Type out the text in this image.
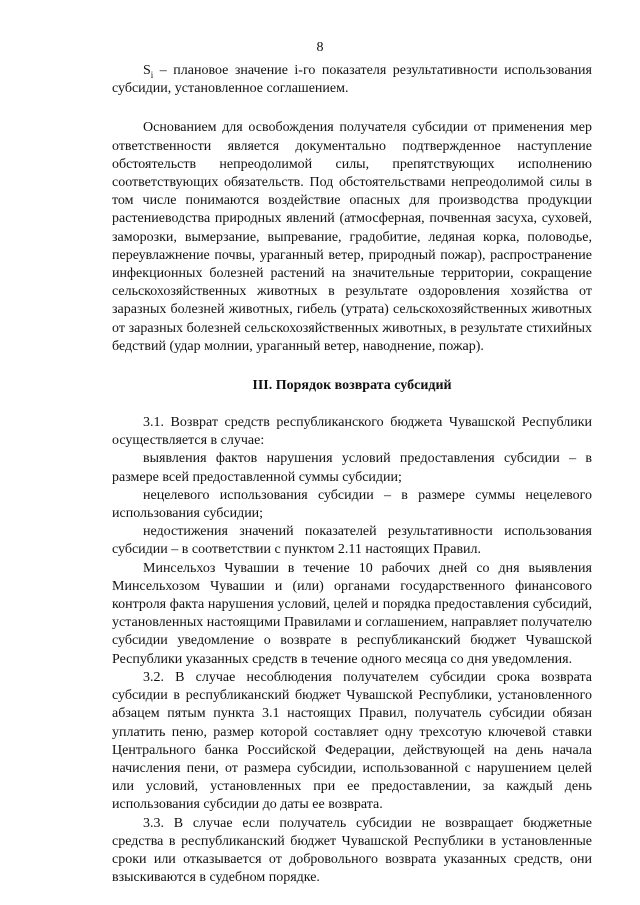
8

$S_i$ – плановое значение i-го показателя результативности использования субсидии, установленное соглашением.

Основанием для освобождения получателя субсидии от применения мер ответственности является документально подтвержденное наступление обстоятельств непреодолимой силы, препятствующих исполнению соответствующих обязательств. Под обстоятельствами непреодолимой силы в том числе понимаются воздействие опасных для производства продукции растениеводства природных явлений (атмосферная, почвенная засуха, суховей, заморозки, вымерзание, выпревание, градобитие, ледяная корка, половодье, переувлажнение почвы, ураганный ветер, природный пожар), распространение инфекционных болезней растений на значительные территории, сокращение сельскохозяйственных животных в результате оздоровления хозяйства от заразных болезней животных, гибель (утрата) сельскохозяйственных животных от заразных болезней сельскохозяйственных животных, в результате стихийных бедствий (удар молнии, ураганный ветер, наводнение, пожар).

III. Порядок возврата субсидий

3.1. Возврат средств республиканского бюджета Чувашской Республики осуществляется в случае:

выявления фактов нарушения условий предоставления субсидии – в размере всей предоставленной суммы субсидии;

нецелевого использования субсидии – в размере суммы нецелевого использования субсидии;

недостижения значений показателей результативности использования субсидии – в соответствии с пунктом 2.11 настоящих Правил.

Минсельхоз Чувашии в течение 10 рабочих дней со дня выявления Минсельхозом Чувашии и (или) органами государственного финансового контроля факта нарушения условий, целей и порядка предоставления субсидий, установленных настоящими Правилами и соглашением, направляет получателю субсидии уведомление о возврате в республиканский бюджет Чувашской Республики указанных средств в течение одного месяца со дня уведомления.

3.2. В случае несоблюдения получателем субсидии срока возврата субсидии в республиканский бюджет Чувашской Республики, установленного абзацем пятым пункта 3.1 настоящих Правил, получатель субсидии обязан уплатить пеню, размер которой составляет одну трехсотую ключевой ставки Центрального банка Российской Федерации, действующей на день начала начисления пени, от размера субсидии, использованной с нарушением целей или условий, установленных при ее предоставлении, за каждый день использования субсидии до даты ее возврата.

3.3. В случае если получатель субсидии не возвращает бюджетные средства в республиканский бюджет Чувашской Республики в установленные сроки или отказывается от добровольного возврата указанных средств, они взыскиваются в судебном порядке.
